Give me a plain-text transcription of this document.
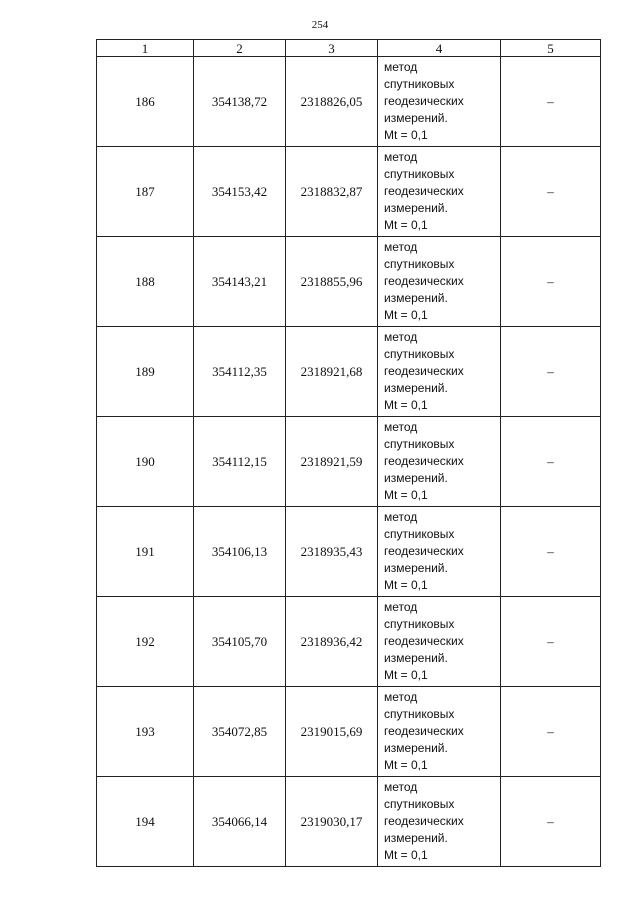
254
1	2	3	4	5
186	354138,72	2318826,05	метод
спутниковых
геодезических
измерений.
Mt = 0,1	–
187	354153,42	2318832,87	метод
спутниковых
геодезических
измерений.
Mt = 0,1	–
188	354143,21	2318855,96	метод
спутниковых
геодезических
измерений.
Mt = 0,1	–
189	354112,35	2318921,68	метод
спутниковых
геодезических
измерений.
Mt = 0,1	–
190	354112,15	2318921,59	метод
спутниковых
геодезических
измерений.
Mt = 0,1	–
191	354106,13	2318935,43	метод
спутниковых
геодезических
измерений.
Mt = 0,1	–
192	354105,70	2318936,42	метод
спутниковых
геодезических
измерений.
Mt = 0,1	–
193	354072,85	2319015,69	метод
спутниковых
геодезических
измерений.
Mt = 0,1	–
194	354066,14	2319030,17	метод
спутниковых
геодезических
измерений.
Mt = 0,1	–
